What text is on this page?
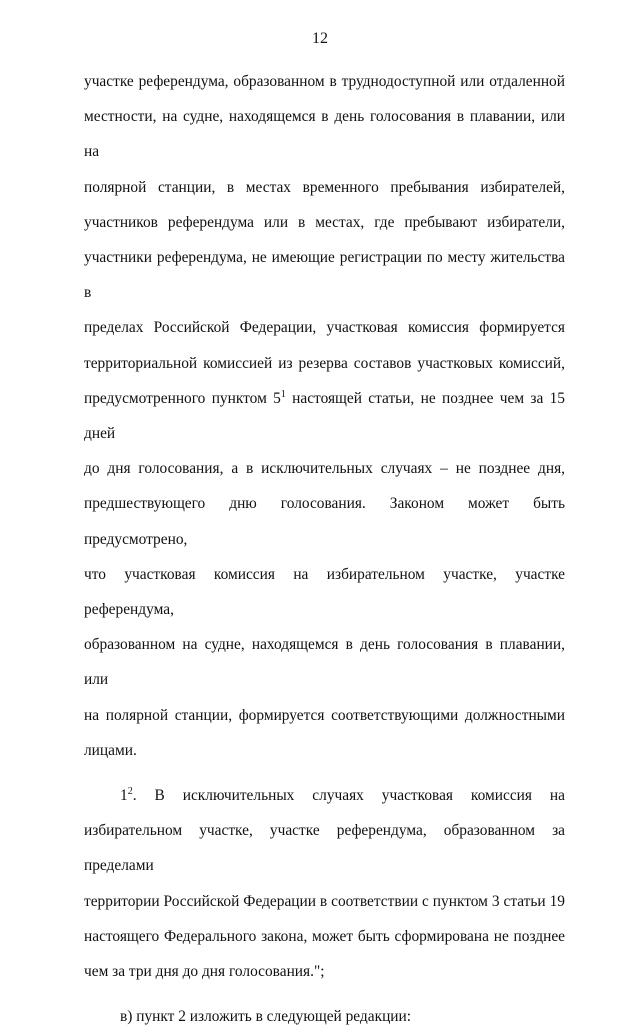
12

участке референдума, образованном в труднодоступной или отдаленной

местности, на судне, находящемся в день голосования в плавании, или на

полярной станции, в местах временного пребывания избирателей,

участников референдума или в местах, где пребывают избиратели,

участники референдума, не имеющие регистрации по месту жительства в

пределах Российской Федерации, участковая комиссия формируется

территориальной комиссией из резерва составов участковых комиссий,

предусмотренного пунктом $5^1$ настоящей статьи, не позднее чем за 15 дней

до дня голосования, а в исключительных случаях – не позднее дня,

предшествующего дню голосования. Законом может быть предусмотрено,

что участковая комиссия на избирательном участке, участке референдума,

образованном на судне, находящемся в день голосования в плавании, или

на полярной станции, формируется соответствующими должностными

лицами.

$1^2$. В исключительных случаях участковая комиссия на

избирательном участке, участке референдума, образованном за пределами

территории Российской Федерации в соответствии с пунктом 3 статьи 19

настоящего Федерального закона, может быть сформирована не позднее

чем за три дня до дня голосования.";

в) пункт 2 изложить в следующей редакции:
